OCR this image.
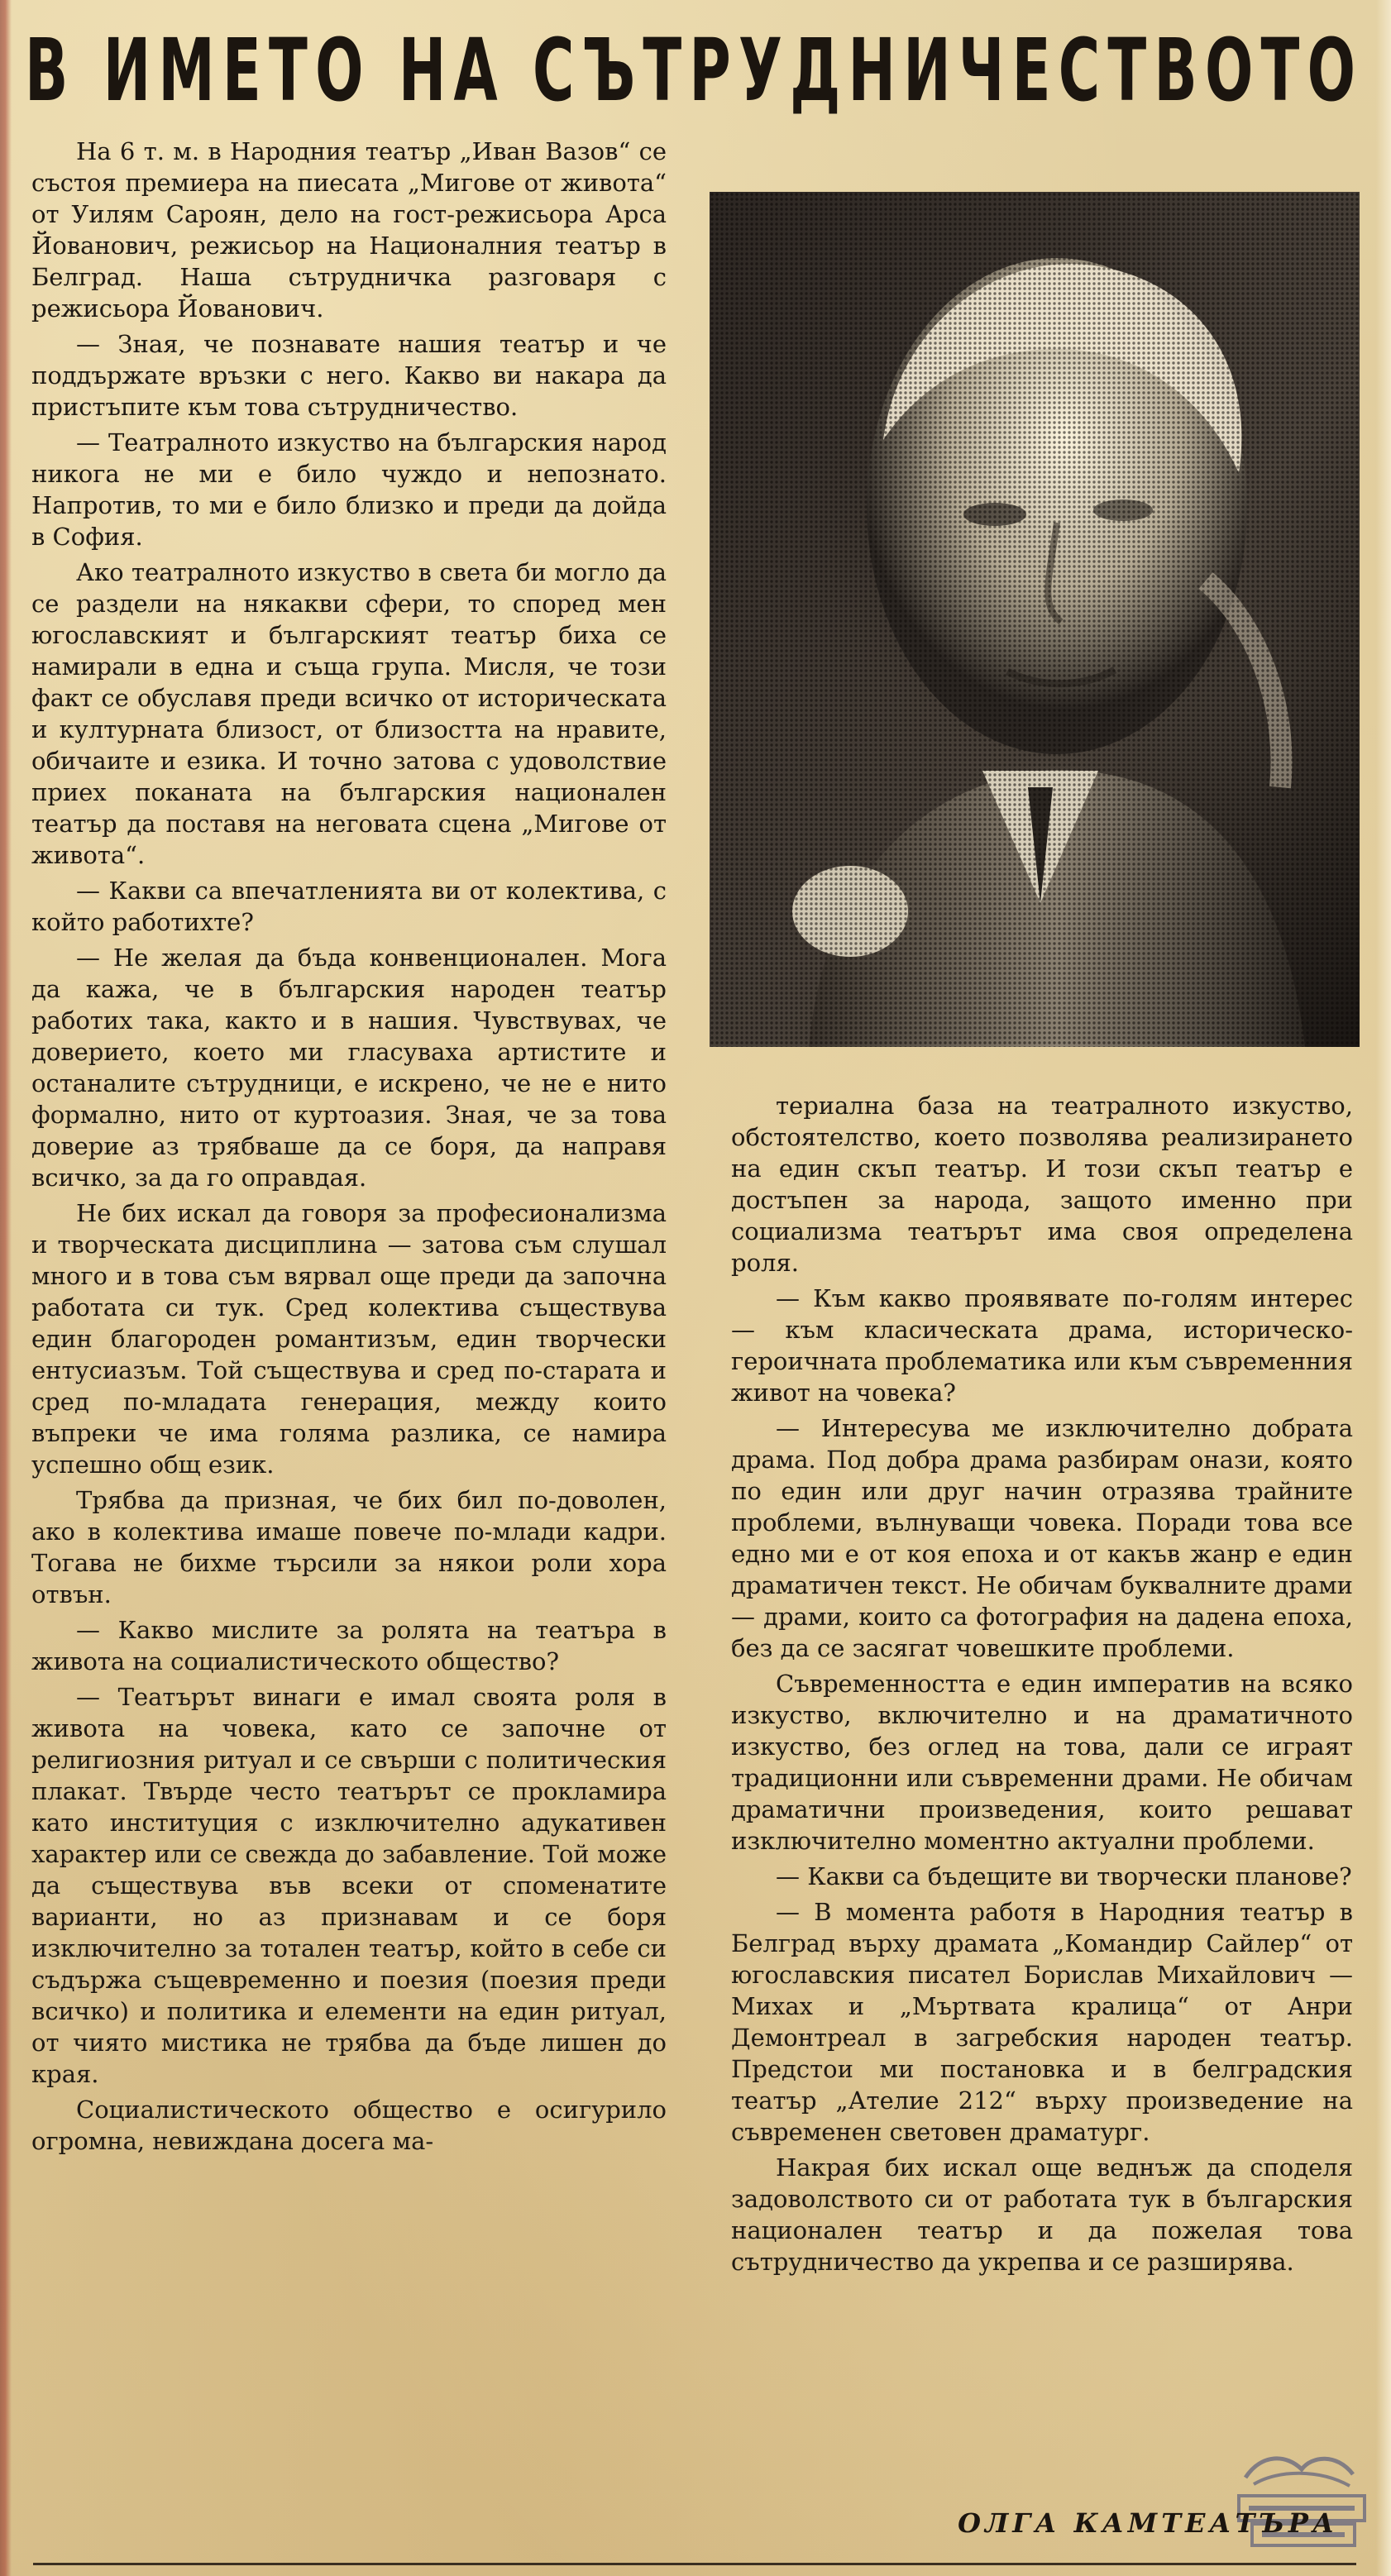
В ИМЕТО НА СЪТРУДНИЧЕСТВОТО

На 6 т. м. в Народния театър „Иван Вазов“ се състоя премиера на пиесата „Мигове от живота“ от Уилям Сароян, дело на гост-режисьора Арса Йованович, режисьор на Националния театър в Белград. Наша сътрудничка разговаря с режисьора Йованович.

— Зная, че познавате нашия театър и че поддържате връзки с него. Какво ви накара да пристъпите към това сътрудничество.

— Театралното изкуство на българския народ никога не ми е било чуждо и непознато. Напротив, то ми е било близко и преди да дойда в София.

Ако театралното изкуство в света би могло да се раздели на някакви сфери, то според мен югославският и българският театър биха се намирали в една и съща група. Мисля, че този факт се обуславя преди всичко от историческата и културната близост, от близостта на нравите, обичаите и езика. И точно затова с удоволствие приех поканата на българския национален театър да поставя на неговата сцена „Мигове от живота“.

— Какви са впечатленията ви от колектива, с който работихте?

— Не желая да бъда конвенционален. Мога да кажа, че в българския народен театър работих така, както и в нашия. Чувствувах, че доверието, което ми гласуваха артистите и останалите сътрудници, е искрено, че не е нито формално, нито от куртоазия. Зная, че за това доверие аз трябваше да се боря, да направя всичко, за да го оправдая.

Не бих искал да говоря за професионализма и творческата дисциплина — затова съм слушал много и в това съм вярвал още преди да започна работата си тук. Сред колектива съществува един благороден романтизъм, един творчески ентусиазъм. Той съществува и сред по-старата и сред по-младата генерация, между които въпреки че има голяма разлика, се намира успешно общ език.

Трябва да призная, че бих бил по-доволен, ако в колектива имаше повече по-млади кадри. Тогава не бихме търсили за някои роли хора отвън.

— Какво мислите за ролята на театъра в живота на социалистическото общество?

— Театърът винаги е имал своята роля в живота на човека, като се започне от религиозния ритуал и се свърши с политическия плакат. Твърде често театърът се прокламира като институция с изключително адукативен характер или се свежда до забавление. Той може да съществува във всеки от споменатите варианти, но аз признавам и се боря изключително за тотален театър, който в себе си съдържа същевременно и поезия (поезия преди всичко) и политика и елементи на един ритуал, от чиято мистика не трябва да бъде лишен до края.

Социалистическото общество е осигурило огромна, невиждана досега ма-

териална база на театралното изкуство, обстоятелство, което позволява реализирането на един скъп театър. И този скъп театър е достъпен за народа, защото именно при социализма театърът има своя определена роля.

— Към какво проявявате по-голям интерес — към класическата драма, историческо-героичната проблематика или към съвременния живот на човека?

— Интересува ме изключително добрата драма. Под добра драма разбирам онази, която по един или друг начин отразява трайните проблеми, вълнуващи човека. Поради това все едно ми е от коя епоха и от какъв жанр е един драматичен текст. Не обичам буквалните драми — драми, които са фотография на дадена епоха, без да се засягат човешките проблеми.

Съвременността е един императив на всяко изкуство, включително и на драматичното изкуство, без оглед на това, дали се играят традиционни или съвременни драми. Не обичам драматични произведения, които решават изключително моментно актуални проблеми.

— Какви са бъдещите ви творчески планове?

— В момента работя в Народния театър в Белград върху драмата „Командир Сайлер“ от югославския писател Борислав Михайлович — Михах и „Мъртвата кралица“ от Анри Демонтреал в загребския народен театър. Предстои ми постановка и в белградския театър „Ателие 212“ върху произведение на съвременен световен драматург.

Накрая бих искал още веднъж да споделя задоволството си от работата тук в българския национален театър и да пожелая това сътрудничество да укрепва и се разширява.

ОЛГА КАМТЕАТЪРА
